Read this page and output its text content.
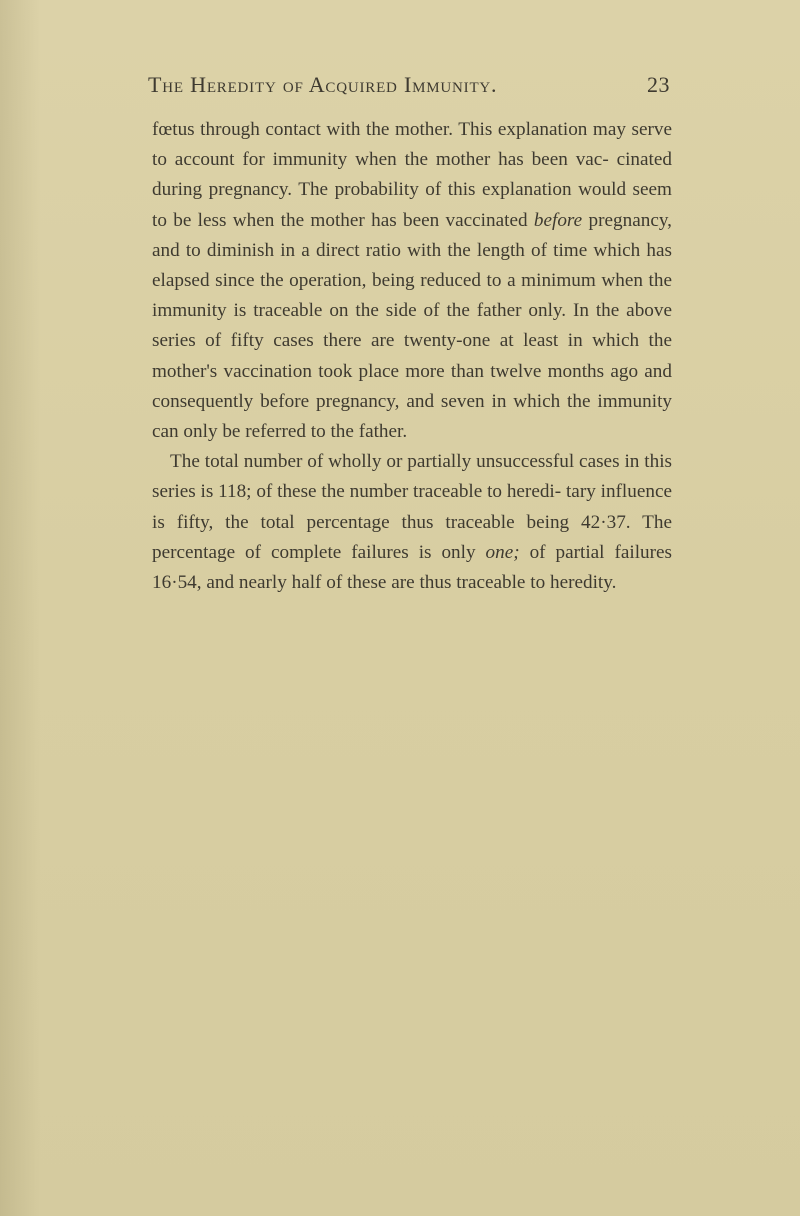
The Heredity of Acquired Immunity.	23

fœtus through contact with the mother. This explanation may serve to account for immunity when the mother has been vac- cinated during pregnancy. The probability of this explanation would seem to be less when the mother has been vaccinated before pregnancy, and to diminish in a direct ratio with the length of time which has elapsed since the operation, being reduced to a minimum when the immunity is traceable on the side of the father only. In the above series of fifty cases there are twenty-one at least in which the mother's vaccination took place more than twelve months ago and consequently before pregnancy, and seven in which the immunity can only be referred to the father.

The total number of wholly or partially unsuccessful cases in this series is 118; of these the number traceable to heredi- tary influence is fifty, the total percentage thus traceable being 42·37. The percentage of complete failures is only one; of partial failures 16·54, and nearly half of these are thus traceable to heredity.
